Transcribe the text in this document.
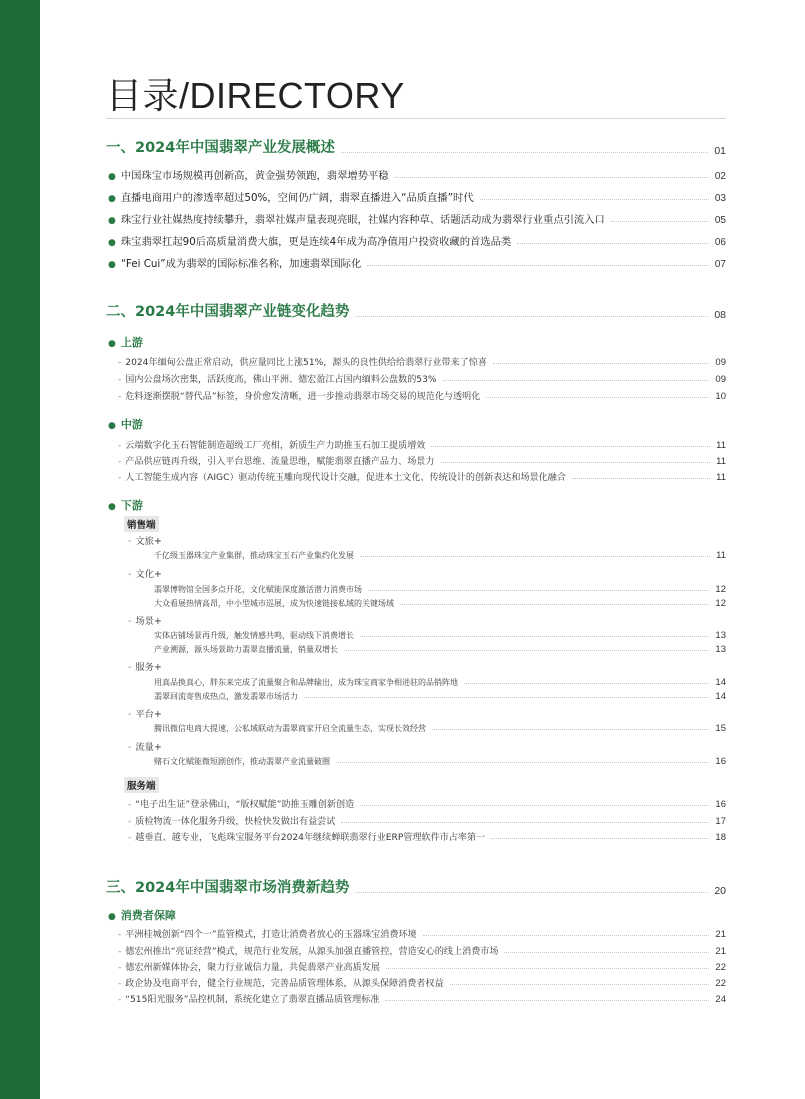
目录/DIRECTORY
一、2024年中国翡翠产业发展概述	01
● 中国珠宝市场规模再创新高，黄金强势领跑，翡翠增势平稳	02
● 直播电商用户的渗透率超过50%，空间仍广阔，翡翠直播进入“品质直播”时代	03
● 珠宝行业社媒热度持续攀升，翡翠社媒声量表现亮眼，社媒内容种草、话题活动成为翡翠行业重点引流入口	05
● 珠宝翡翠扛起90后高质量消费大旗，更是连续4年成为高净值用户投资收藏的首选品类	06
● “Fei Cui”成为翡翠的国际标准名称，加速翡翠国际化	07
二、2024年中国翡翠产业链变化趋势	08
● 上游
- 2024年缅甸公盘正常启动，供应量同比上涨51%，源头的良性供给给翡翠行业带来了惊喜	09
- 国内公盘场次密集，活跃度高，佛山平洲、德宏盈江占国内缅料公盘数的53%	09
- 危料逐渐摆脱“替代品”标签，身价愈发清晰，进一步推动翡翠市场交易的规范化与透明化	10
● 中游
- 云端数字化玉石智能制造超级工厂亮相，新质生产力助推玉石加工提质增效	11
- 产品供应链再升级，引入平台思维、流量思维，赋能翡翠直播产品力、场景力	11
- 人工智能生成内容（AIGC）驱动传统玉雕向现代设计交融，促进本土文化、传统设计的创新表达和场景化融合	11
● 下游
销售端
- 文旅+
千亿级玉器珠宝产业集群，推动珠宝玉石产业集约化发展	11
- 文化+
翡翠博物馆全国多点开花，文化赋能深度激活潜力消费市场	12
大众看展热情高昂，中小型城市巡展，成为快速链接私域的关键场域	12
- 场景+
实体店铺场景再升级，触发情感共鸣，驱动线下消费增长	13
产业溯源，源头场景助力翡翠直播流量，销量双增长	13
- 服务+
用真品换真心，胖东来完成了流量聚合和品牌输出，成为珠宝商家争相进驻的品销阵地	14
翡翠回流寄售成热点，激发翡翠市场活力	14
- 平台+
腾讯微信电商大提速，公私域联动为翡翠商家开启全流量生态，实现长效经营	15
- 流量+
赌石文化赋能微短剧创作，推动翡翠产业流量破圈	16
服务端
- “电子出生证”登录佛山，“版权赋能”助推玉雕创新创造	16
- 质检物流一体化服务升级，快检快发做出有益尝试	17
- 越垂直、越专业，飞彪珠宝服务平台2024年继续蝉联翡翠行业ERP管理软件市占率第一	18
三、2024年中国翡翠市场消费新趋势	20
● 消费者保障
- 平洲桂城创新“四个一”监管模式，打造让消费者放心的玉器珠宝消费环境	21
- 德宏州推出“亮证经营”模式，规范行业发展，从源头加强直播管控，营造安心的线上消费市场	21
- 德宏州新媒体协会，聚力行业诚信力量，共促翡翠产业高质发展	22
- 政企协及电商平台，健全行业规范，完善品质管理体系，从源头保障消费者权益	22
- “515阳光服务”品控机制，系统化建立了翡翠直播品质管理标准	24
